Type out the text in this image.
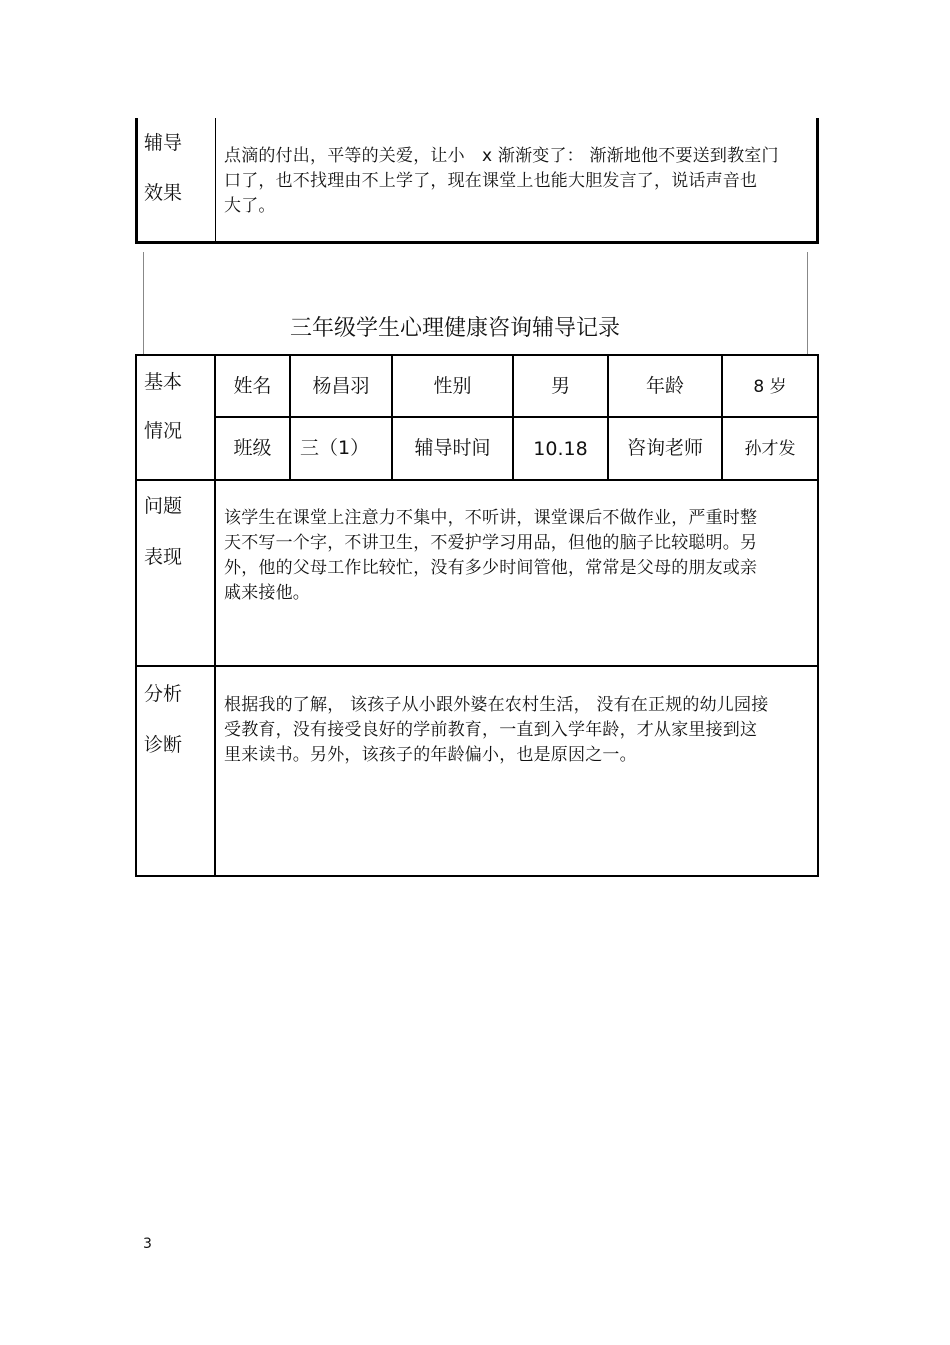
辅导
效果
点滴的付出，平等的关爱，让小　x 渐渐变了： 渐渐地他不要送到教室门
口了，也不找理由不上学了，现在课堂上也能大胆发言了，说话声音也
大了。
三年级学生心理健康咨询辅导记录
基本
情况
姓名	杨昌羽	性别	男	年龄	8 岁
班级	三（1）	辅导时间	10.18	咨询老师	孙才发
问题
表现
该学生在课堂上注意力不集中，不听讲，课堂课后不做作业，严重时整
天不写一个字，不讲卫生，不爱护学习用品，但他的脑子比较聪明。另
外，他的父母工作比较忙，没有多少时间管他，常常是父母的朋友或亲
戚来接他。
分析
诊断
根据我的了解， 该孩子从小跟外婆在农村生活， 没有在正规的幼儿园接
受教育，没有接受良好的学前教育，一直到入学年龄，才从家里接到这
里来读书。另外，该孩子的年龄偏小，也是原因之一。
3
